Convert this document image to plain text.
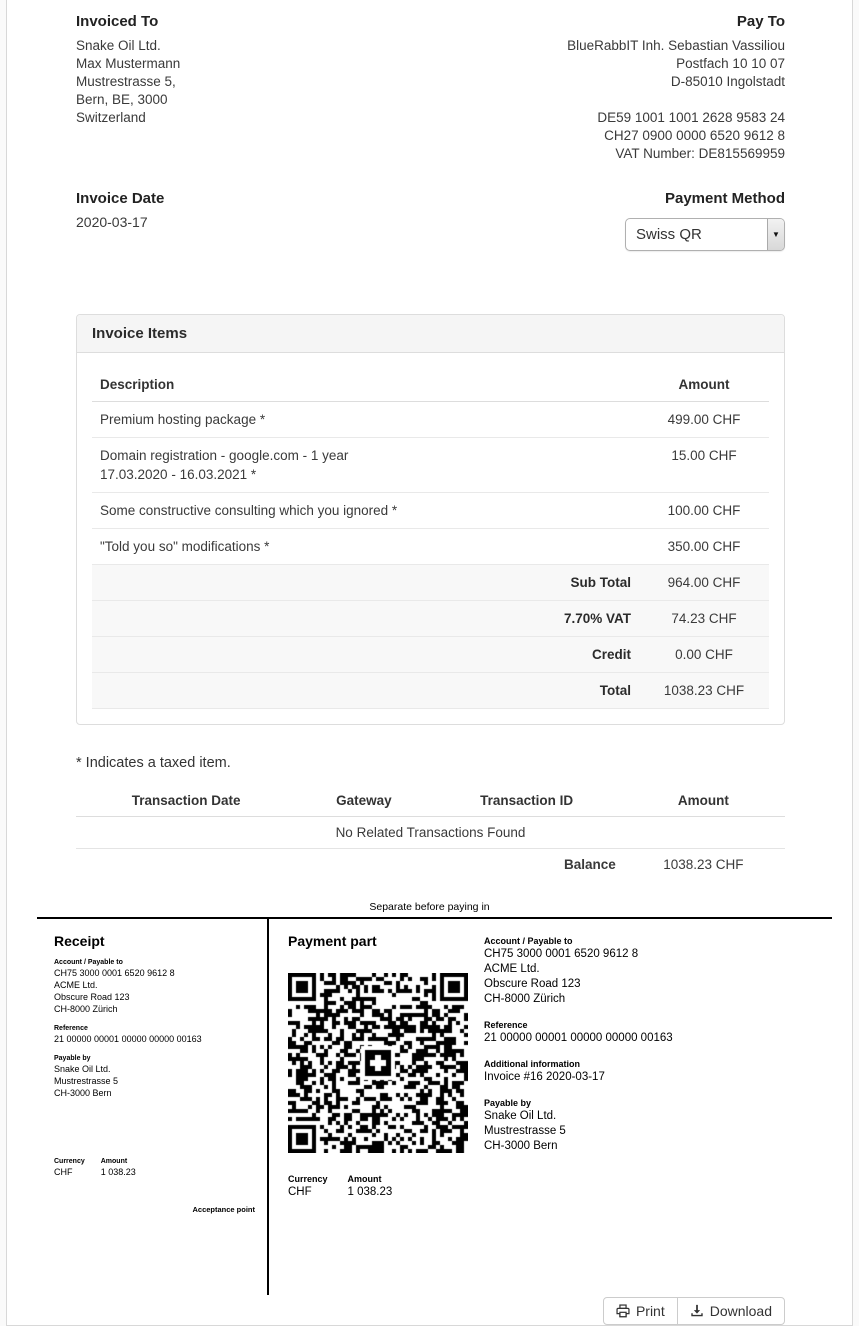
Invoiced To
Snake Oil Ltd.
Max Mustermann
Mustrestrasse 5,
Bern, BE, 3000
Switzerland
Pay To
BlueRabbIT Inh. Sebastian Vassiliou
Postfach 10 10 07
D-85010 Ingolstadt
DE59 1001 1001 2628 9583 24
CH27 0900 0000 6520 9612 8
VAT Number: DE815569959
Invoice Date
2020-03-17
Payment Method
Swiss QR
▼
Invoice Items
Description	Amount
Premium hosting package *	499.00 CHF

Domain registration - google.com - 1 year
17.03.2020 - 16.03.2021 *	15.00 CHF
Some constructive consulting which you ignored *	100.00 CHF
"Told you so" modifications *	350.00 CHF
Sub Total	964.00 CHF
7.70% VAT	74.23 CHF
Credit	0.00 CHF
Total	1038.23 CHF
* Indicates a taxed item.
Transaction Date	Gateway	Transaction ID	Amount
No Related Transactions Found			
		Balance	1038.23 CHF
Separate before paying in
Receipt
Account / Payable to
CH75 3000 0001 6520 9612 8
ACME Ltd.
Obscure Road 123
CH-8000 Zürich
Reference
21 00000 00001 00000 00000 00163
Payable by
Snake Oil Ltd.
Mustrestrasse 5
CH-3000 Bern
Currency
CHF
Amount
1 038.23
Acceptance point
Payment part
Currency
CHF
Amount
1 038.23
Account / Payable to
CH75 3000 0001 6520 9612 8
ACME Ltd.
Obscure Road 123
CH-8000 Zürich
Reference
21 00000 00001 00000 00000 00163
Additional information
Invoice #16 2020-03-17
Payable by
Snake Oil Ltd.
Mustrestrasse 5
CH-3000 Bern
Print	Download
